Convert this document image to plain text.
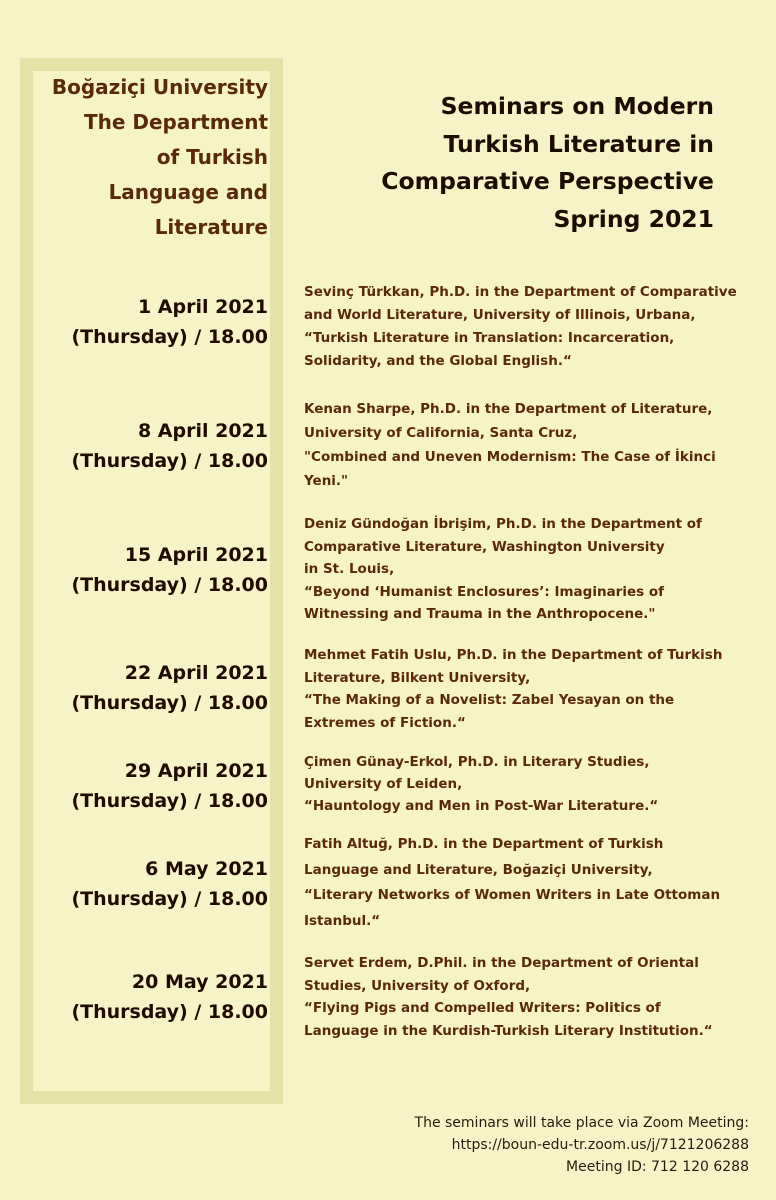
Boğaziçi University
The Department
of Turkish
Language and
Literature
Seminars on Modern
Turkish Literature in
Comparative Perspective
Spring 2021
1 April 2021
(Thursday) / 18.00
Sevinç Türkkan, Ph.D. in the Department of Comparative
and World Literature, University of Illinois, Urbana,
“Turkish Literature in Translation: Incarceration,
Solidarity, and the Global English.“
8 April 2021
(Thursday) / 18.00
Kenan Sharpe, Ph.D. in the Department of Literature,
University of California, Santa Cruz,
"Combined and Uneven Modernism: The Case of İkinci
Yeni."
15 April 2021
(Thursday) / 18.00
Deniz Gündoğan İbrişim, Ph.D. in the Department of
Comparative Literature, Washington University
in St. Louis,
“Beyond ‘Humanist Enclosures’: Imaginaries of
Witnessing and Trauma in the Anthropocene."
22 April 2021
(Thursday) / 18.00
Mehmet Fatih Uslu, Ph.D. in the Department of Turkish
Literature, Bilkent University,
“The Making of a Novelist: Zabel Yesayan on the
Extremes of Fiction.“
29 April 2021
(Thursday) / 18.00
Çimen Günay-Erkol, Ph.D. in Literary Studies,
University of Leiden,
“Hauntology and Men in Post-War Literature.“
6 May 2021
(Thursday) / 18.00
Fatih Altuğ, Ph.D. in the Department of Turkish
Language and Literature, Boğaziçi University,
“Literary Networks of Women Writers in Late Ottoman
Istanbul.“
20 May 2021
(Thursday) / 18.00
Servet Erdem, D.Phil. in the Department of Oriental
Studies, University of Oxford,
“Flying Pigs and Compelled Writers: Politics of
Language in the Kurdish-Turkish Literary Institution.“
The seminars will take place via Zoom Meeting:
https://boun-edu-tr.zoom.us/j/7121206288
Meeting ID: 712 120 6288
